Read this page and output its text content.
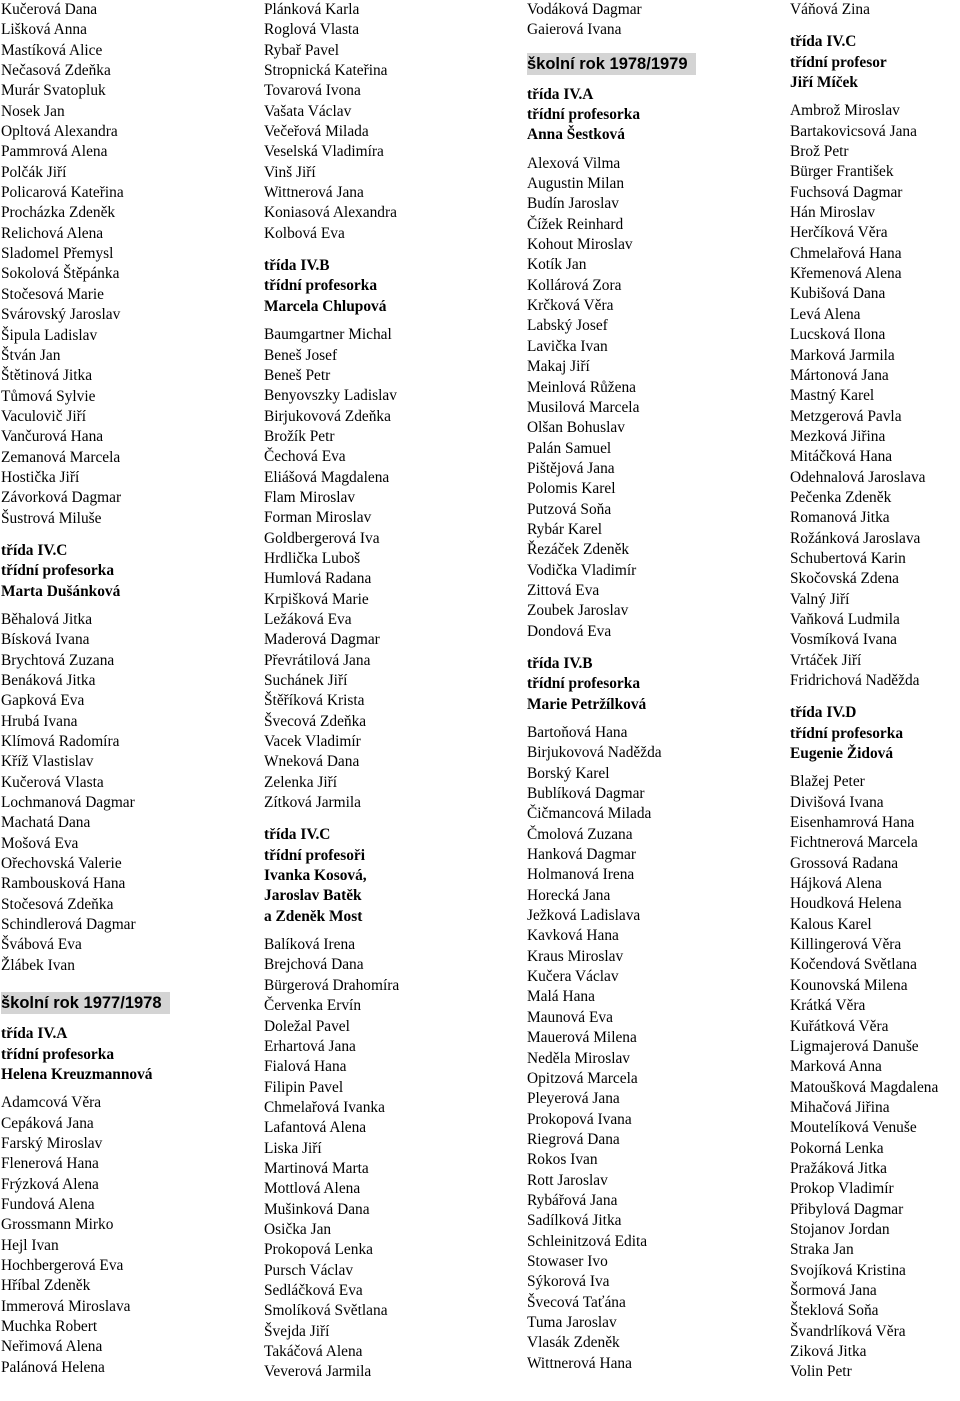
Kučerová Dana
Lišková Anna
Mastíková Alice
Nečasová Zdeňka
Murár Svatopluk
Nosek Jan
Opltová Alexandra
Pammrová Alena
Polčák Jiří
Policarová Kateřina
Procházka Zdeněk
Relichová Alena
Sladomel Přemysl
Sokolová Štěpánka
Stočesová Marie
Svárovský Jaroslav
Šipula Ladislav
Štván Jan
Štětinová Jitka
Tůmová Sylvie
Vaculovič Jiří
Vančurová Hana
Zemanová Marcela
Hostička Jiří
Závorková Dagmar
Šustrová Miluše
třída IV.C
třídní profesorka
Marta Dušánková
Běhalová Jitka
Bísková Ivana
Brychtová Zuzana
Benáková Jitka
Gapková Eva
Hrubá Ivana
Klímová Radomíra
Kříž Vlastislav
Kučerová Vlasta
Lochmanová Dagmar
Machatá Dana
Mošová Eva
Ořechovská Valerie
Rambousková Hana
Stočesová Zdeňka
Schindlerová Dagmar
Švábová Eva
Žlábek Ivan
školní rok 1977/1978
třída IV.A
třídní profesorka
Helena Kreuzmannová
Adamcová Věra
Cepáková Jana
Farský Miroslav
Flenerová Hana
Frýzková Alena
Fundová Alena
Grossmann Mirko
Hejl Ivan
Hochbergerová Eva
Hříbal Zdeněk
Immerová Miroslava
Muchka Robert
Neřimová Alena
Palánová Helena
Plánková Karla
Roglová Vlasta
Rybař Pavel
Stropnická Kateřina
Tovarová Ivona
Vašata Václav
Večeřová Milada
Veselská Vladimíra
Vinš Jiří
Wittnerová Jana
Koniasová Alexandra
Kolbová Eva
třída IV.B
třídní profesorka
Marcela Chlupová
Baumgartner Michal
Beneš Josef
Beneš Petr
Benyovszky Ladislav
Birjukovová Zdeňka
Brožík Petr
Čechová Eva
Eliášová Magdalena
Flam Miroslav
Forman Miroslav
Goldbergerová Iva
Hrdlička Luboš
Humlová Radana
Krpišková Marie
Ležáková Eva
Maderová Dagmar
Převrátilová Jana
Suchánek Jiří
Štěříková Krista
Švecová Zdeňka
Vacek Vladimír
Wneková Dana
Zelenka Jiří
Zítková Jarmila
třída IV.C
třídní profesoři
Ivanka Kosová,
Jaroslav Batěk
a Zdeněk Most
Balíková Irena
Brejchová Dana
Bürgerová Drahomíra
Červenka Ervín
Doležal Pavel
Erhartová Jana
Fialová Hana
Filipin Pavel
Chmelařová Ivanka
Lafantová Alena
Liska Jiří
Martinová Marta
Mottlová Alena
Mušinková Dana
Osička Jan
Prokopová Lenka
Pursch Václav
Sedláčková Eva
Smolíková Světlana
Švejda Jiří
Takáčová Alena
Veverová Jarmila
Vodáková Dagmar
Gaierová Ivana
školní rok 1978/1979
třída IV.A
třídní profesorka
Anna Šestková
Alexová Vilma
Augustin Milan
Budín Jaroslav
Čížek Reinhard
Kohout Miroslav
Kotík Jan
Kollárová Zora
Krčková Věra
Labský Josef
Lavička Ivan
Makaj Jiří
Meinlová Růžena
Musilová Marcela
Olšan Bohuslav
Palán Samuel
Pištějová Jana
Polomis Karel
Putzová Soňa
Rybár Karel
Řezáček Zdeněk
Vodička Vladimír
Zittová Eva
Zoubek Jaroslav
Dondová Eva
třída IV.B
třídní profesorka
Marie Petržílková
Bartoňová Hana
Birjukovová Naděžda
Borský Karel
Bublíková Dagmar
Čičmancová Milada
Čmolová Zuzana
Hanková Dagmar
Holmanová Irena
Horecká Jana
Ježková Ladislava
Kavková Hana
Kraus Miroslav
Kučera Václav
Malá Hana
Maunová Eva
Mauerová Milena
Neděla Miroslav
Opitzová Marcela
Pleyerová Jana
Prokopová Ivana
Riegrová Dana
Rokos Ivan
Rott Jaroslav
Rybářová Jana
Sadílková Jitka
Schleinitzová Edita
Stowaser Ivo
Sýkorová Iva
Švecová Taťána
Tuma Jaroslav
Vlasák Zdeněk
Wittnerová Hana
Váňová Zina
třída IV.C
třídní profesor
Jiří Míček
Ambrož Miroslav
Bartakovicsová Jana
Brož Petr
Bürger František
Fuchsová Dagmar
Hán Miroslav
Herčíková Věra
Chmelařová Hana
Křemenová Alena
Kubišová Dana
Levá Alena
Lucsková Ilona
Marková Jarmila
Mártonová Jana
Mastný Karel
Metzgerová Pavla
Mezková Jiřina
Mitáčková Hana
Odehnalová Jaroslava
Pečenka Zdeněk
Romanová Jitka
Rožánková Jaroslava
Schubertová Karin
Skočovská Zdena
Valný Jiří
Vaňková Ludmila
Vosmíková Ivana
Vrtáček Jiří
Fridrichová Naděžda
třída IV.D
třídní profesorka
Eugenie Židová
Blažej Peter
Divišová Ivana
Eisenhamrová Hana
Fichtnerová Marcela
Grossová Radana
Hájková Alena
Houdková Helena
Kalous Karel
Killingerová Věra
Kočendová Světlana
Kounovská Milena
Krátká Věra
Kuřátková Věra
Ligmajerová Danuše
Marková Anna
Matoušková Magdalena
Mihačová Jiřina
Moutelíková Venuše
Pokorná Lenka
Pražáková Jitka
Prokop Vladimír
Přibylová Dagmar
Stojanov Jordan
Straka Jan
Svojíková Kristina
Šormová Jana
Šteklová Soňa
Švandrlíková Věra
Ziková Jitka
Volin Petr
